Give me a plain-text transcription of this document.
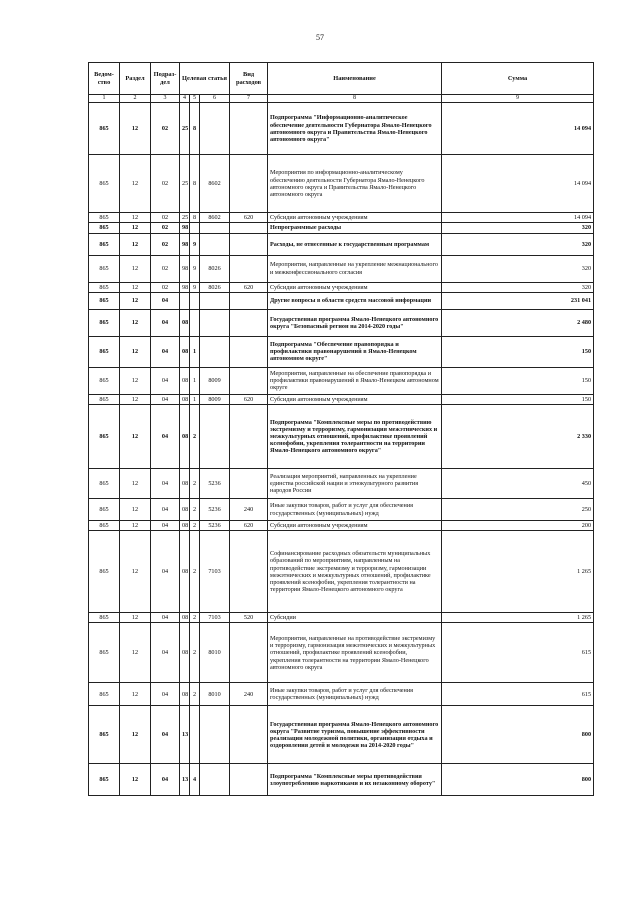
57
Ведом-ство	Раздел	Подраз-дел	Целевая статья			Вид расходов	Наименование	Сумма
1	2	3	4	5	6	7	8	9
865	12	02	25	8			Подпрограмма "Информационно-аналитическое обеспечение деятельности Губернатора Ямало-Ненецкого автономного округа и Правительства Ямало-Ненецкого автономного округа"	14 094
865	12	02	25	8	8602		Мероприятия по информационно-аналитическому обеспечению деятельности Губернатора Ямало-Ненецкого автономного округа и Правительства Ямало-Ненецкого автономного округа	14 094
865	12	02	25	8	8602	620	Субсидии автономным учреждениям	14 094
865	12	02	98				Непрограммные расходы	320
865	12	02	98	9			Расходы, не отнесенные к государственным программам	320
865	12	02	98	9	8026		Мероприятия, направленные на укрепление межнационального и межконфессионального согласия	320
865	12	02	98	9	8026	620	Субсидии автономным учреждениям	320
865	12	04					Другие вопросы в области средств массовой информации	231 041
865	12	04	08				Государственная программа Ямало-Ненецкого автономного округа "Безопасный регион на 2014-2020 годы"	2 480
865	12	04	08	1			Подпрограмма "Обеспечение правопорядка и профилактики правонарушений в Ямало-Ненецком автономном округе"	150
865	12	04	08	1	8009		Мероприятия, направленные на обеспечение правопорядка и профилактики правонарушений в Ямало-Ненецком автономном округе	150
865	12	04	08	1	8009	620	Субсидии автономным учреждениям	150
865	12	04	08	2			Подпрограмма "Комплексные меры по противодействию экстремизму и терроризму, гармонизация межэтнических и межкультурных отношений, профилактике проявлений ксенофобии, укрепления толерантности на территории Ямало-Ненецкого автономного округа"	2 330
865	12	04	08	2	5236		Реализация мероприятий, направленных на укрепление единства российской нации и этнокультурного развития народов России	450
865	12	04	08	2	5236	240	Иные закупки товаров, работ и услуг для обеспечения государственных (муниципальных) нужд	250
865	12	04	08	2	5236	620	Субсидии автономным учреждениям	200
865	12	04	08	2	7103		Софинансирование расходных обязательств муниципальных образований по мероприятиям, направленным на противодействие экстремизму и терроризму, гармонизации межэтнических и межкультурных отношений, профилактике проявлений ксенофобии, укрепления толерантности на территории Ямало-Ненецкого автономного округа	1 265
865	12	04	08	2	7103	520	Субсидии	1 265
865	12	04	08	2	8010		Мероприятия, направленные на противодействие экстремизму и терроризму, гармонизация межэтнических и межкультурных отношений, профилактике проявлений ксенофобии, укрепления толерантности на территории Ямало-Ненецкого автономного округа	615
865	12	04	08	2	8010	240	Иные закупки товаров, работ и услуг для обеспечения государственных (муниципальных) нужд	615
865	12	04	13				Государственная программа Ямало-Ненецкого автономного округа "Развитие туризма, повышение эффективности реализации молодежной политики, организация отдыха и оздоровления детей и молодежи на 2014-2020 годы"	800
865	12	04	13	4			Подпрограмма "Комплексные меры противодействия злоупотреблению наркотиками и их незаконному обороту"	800
